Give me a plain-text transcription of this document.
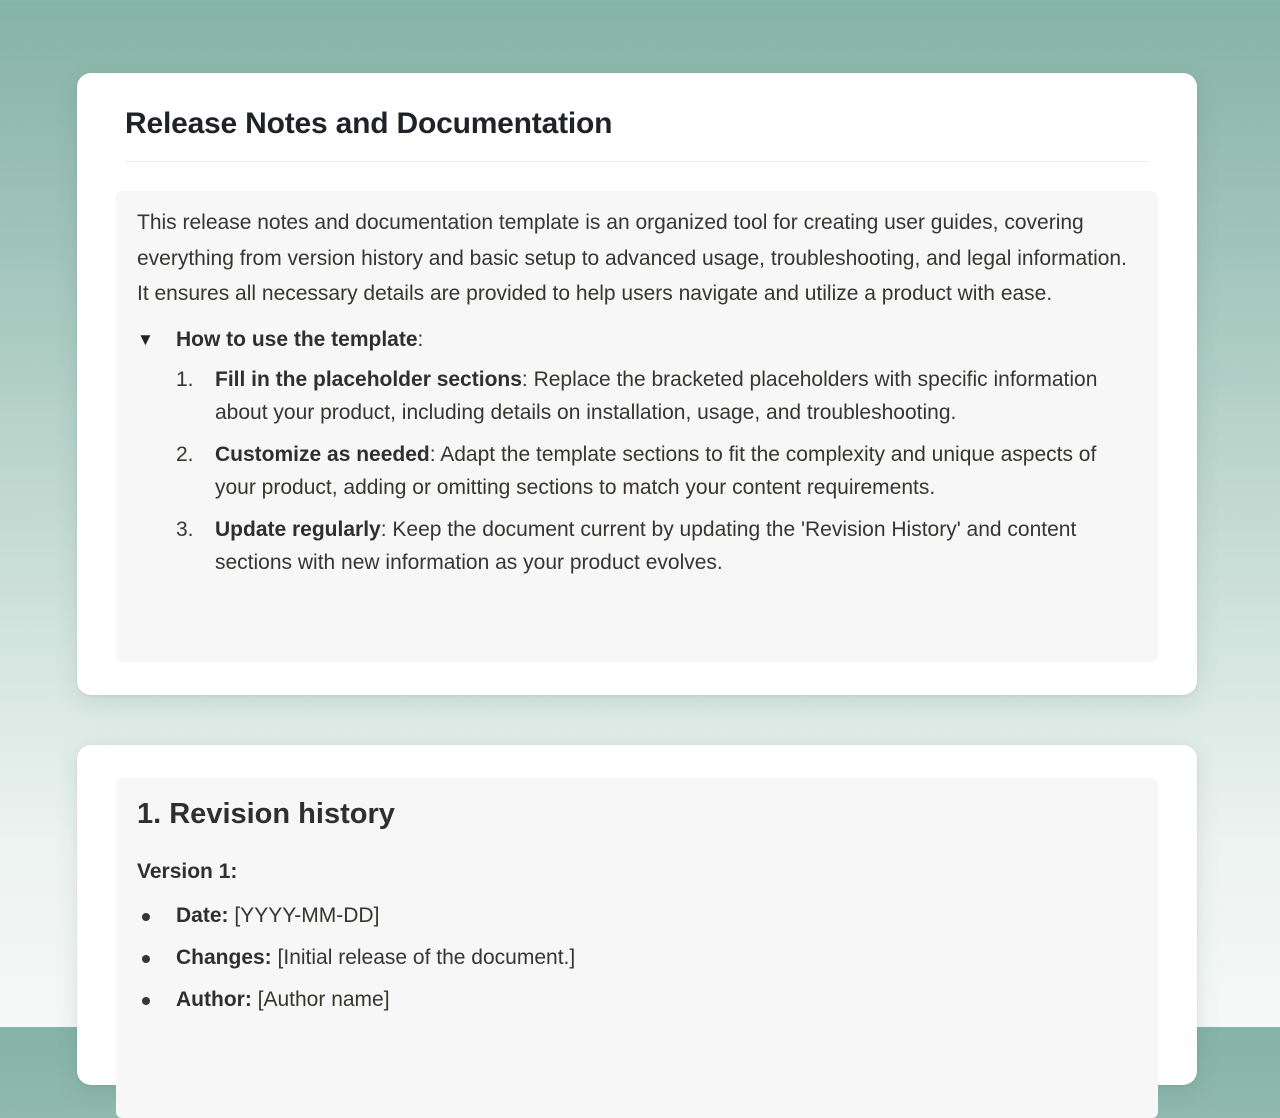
Release Notes and Documentation

This release notes and documentation template is an organized tool for creating user guides, covering everything from version history and basic setup to advanced usage, troubleshooting, and legal information. It ensures all necessary details are provided to help users navigate and utilize a product with ease.

▼	How to use the template:
1.	Fill in the placeholder sections: Replace the bracketed placeholders with specific information about your product, including details on installation, usage, and troubleshooting.
2.	Customize as needed: Adapt the template sections to fit the complexity and unique aspects of your product, adding or omitting sections to match your content requirements.
3.	Update regularly: Keep the document current by updating the 'Revision History' and content sections with new information as your product evolves.
1. Revision history
Version 1:
Date: [YYYY-MM-DD]
Changes: [Initial release of the document.]
Author: [Author name]
